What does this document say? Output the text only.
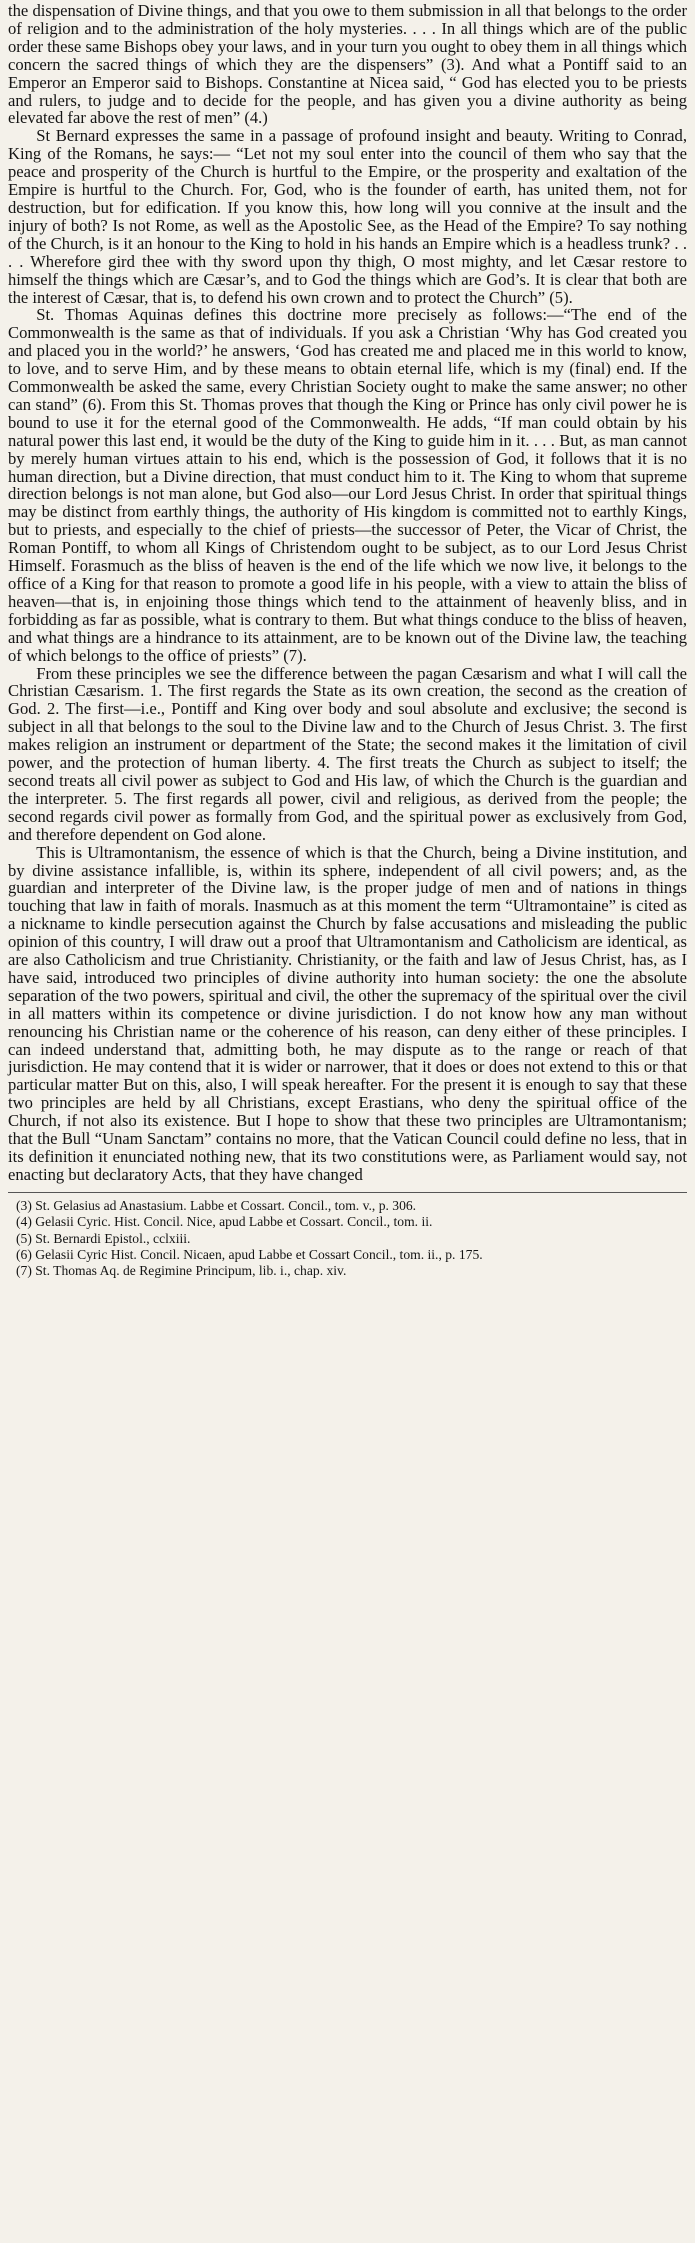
the dispensation of Divine things, and that you owe to them submission in all that belongs to the order of religion and to the administration of the holy mysteries. . . . In all things which are of the public order these same Bishops obey your laws, and in your turn you ought to obey them in all things which concern the sacred things of which they are the dispensers” (3). And what a Pontiff said to an Emperor an Emperor said to Bishops. Constantine at Nicea said, “ God has elected you to be priests and rulers, to judge and to decide for the people, and has given you a divine authority as being elevated far above the rest of men” (4.)

St Bernard expresses the same in a passage of profound insight and beauty. Writing to Conrad, King of the Romans, he says:— “Let not my soul enter into the council of them who say that the peace and prosperity of the Church is hurtful to the Empire, or the prosperity and exaltation of the Empire is hurtful to the Church. For, God, who is the founder of earth, has united them, not for destruction, but for edification. If you know this, how long will you connive at the insult and the injury of both? Is not Rome, as well as the Apostolic See, as the Head of the Empire? To say nothing of the Church, is it an honour to the King to hold in his hands an Empire which is a headless trunk? . . . . Wherefore gird thee with thy sword upon thy thigh, O most mighty, and let Cæsar restore to himself the things which are Cæsar’s, and to God the things which are God’s. It is clear that both are the interest of Cæsar, that is, to defend his own crown and to protect the Church” (5).

St. Thomas Aquinas defines this doctrine more precisely as follows:—“The end of the Commonwealth is the same as that of individuals. If you ask a Christian ‘Why has God created you and placed you in the world?’ he answers, ‘God has created me and placed me in this world to know, to love, and to serve Him, and by these means to obtain eternal life, which is my (final) end. If the Commonwealth be asked the same, every Christian Society ought to make the same answer; no other can stand” (6). From this St. Thomas proves that though the King or Prince has only civil power he is bound to use it for the eternal good of the Commonwealth. He adds, “If man could obtain by his natural power this last end, it would be the duty of the King to guide him in it. . . . But, as man cannot by merely human virtues attain to his end, which is the possession of God, it follows that it is no human direction, but a Divine direction, that must conduct him to it. The King to whom that supreme direction belongs is not man alone, but God also—our Lord Jesus Christ. In order that spiritual things may be distinct from earthly things, the authority of His kingdom is committed not to earthly Kings, but to priests, and especially to the chief of priests—the successor of Peter, the Vicar of Christ, the Roman Pontiff, to whom all Kings of Christendom ought to be subject, as to our Lord Jesus Christ Himself. Forasmuch as the bliss of heaven is the end of the life which we now live, it belongs to the office of a King for that reason to promote a good life in his people, with a view to attain the bliss of heaven—that is, in enjoining those things which tend to the attainment of heavenly bliss, and in forbidding as far as possible, what is contrary to them. But what things conduce to the bliss of heaven, and what things are a hindrance to its attainment, are to be known out of the Divine law, the teaching of which belongs to the office of priests” (7).

From these principles we see the difference between the pagan Cæsarism and what I will call the Christian Cæsarism. 1. The first regards the State as its own creation, the second as the creation of God. 2. The first—i.e., Pontiff and King over body and soul absolute and exclusive; the second is subject in all that belongs to the soul to the Divine law and to the Church of Jesus Christ. 3. The first makes religion an instrument or department of the State; the second makes it the limitation of civil power, and the protection of human liberty. 4. The first treats the Church as subject to itself; the second treats all civil power as subject to God and His law, of which the Church is the guardian and the interpreter. 5. The first regards all power, civil and religious, as derived from the people; the second regards civil power as formally from God, and the spiritual power as exclusively from God, and therefore dependent on God alone.

This is Ultramontanism, the essence of which is that the Church, being a Divine institution, and by divine assistance infallible, is, within its sphere, independent of all civil powers; and, as the guardian and interpreter of the Divine law, is the proper judge of men and of nations in things touching that law in faith of morals. Inasmuch as at this moment the term “Ultramontaine” is cited as a nickname to kindle persecution against the Church by false accusations and misleading the public opinion of this country, I will draw out a proof that Ultramontanism and Catholicism are identical, as are also Catholicism and true Christianity. Christianity, or the faith and law of Jesus Christ, has, as I have said, introduced two principles of divine authority into human society: the one the absolute separation of the two powers, spiritual and civil, the other the supremacy of the spiritual over the civil in all matters within its competence or divine jurisdiction. I do not know how any man without renouncing his Christian name or the coherence of his reason, can deny either of these principles. I can indeed understand that, admitting both, he may dispute as to the range or reach of that jurisdiction. He may contend that it is wider or narrower, that it does or does not extend to this or that particular matter But on this, also, I will speak hereafter. For the present it is enough to say that these two principles are held by all Christians, except Erastians, who deny the spiritual office of the Church, if not also its existence. But I hope to show that these two principles are Ultramontanism; that the Bull “Unam Sanctam” contains no more, that the Vatican Council could define no less, that in its definition it enunciated nothing new, that its two constitutions were, as Parliament would say, not enacting but declaratory Acts, that they have changed

(3) St. Gelasius ad Anastasium. Labbe et Cossart. Concil., tom. v., p. 306.
(4) Gelasii Cyric. Hist. Concil. Nice, apud Labbe et Cossart. Concil., tom. ii.
(5) St. Bernardi Epistol., cclxiii.
(6) Gelasii Cyric Hist. Concil. Nicaen, apud Labbe et Cossart Concil., tom. ii., p. 175.
(7) St. Thomas Aq. de Regimine Principum, lib. i., chap. xiv.
